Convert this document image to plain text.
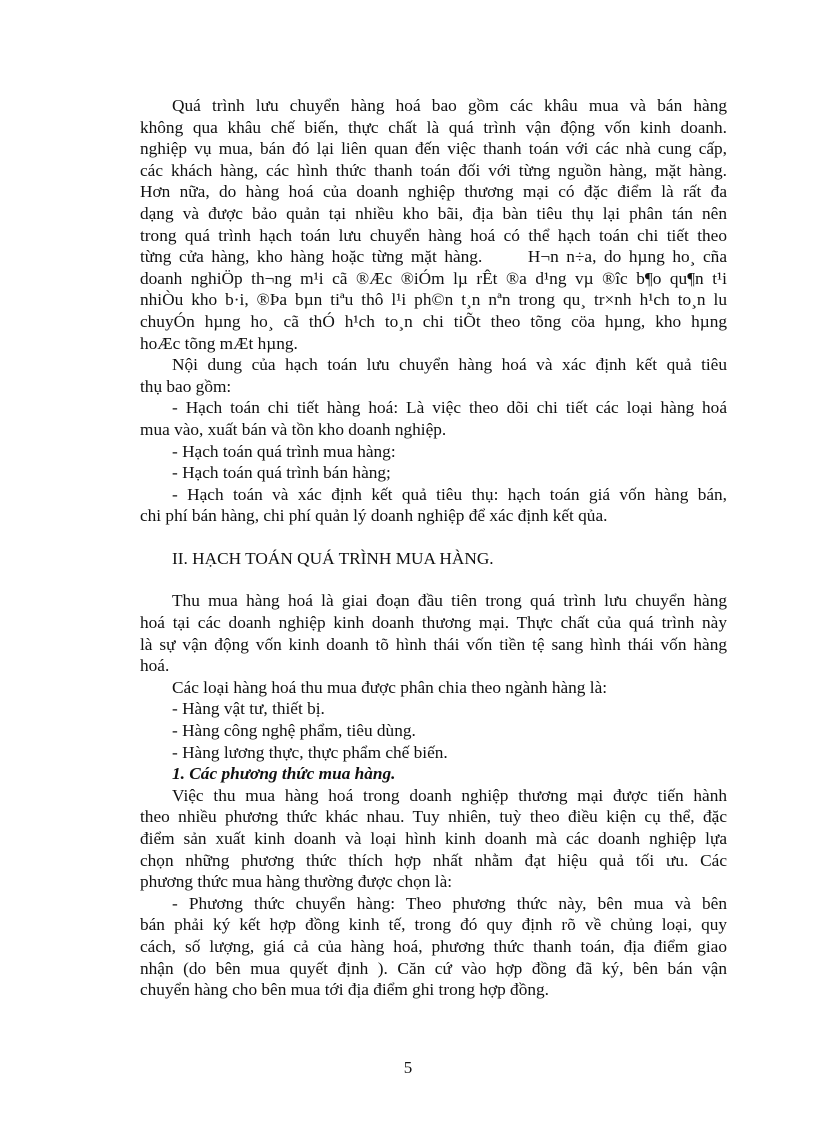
Quá trình lưu chuyển hàng hoá bao gồm các khâu mua và bán hàng

không qua khâu chế biến, thực chất là quá trình vận động vốn kinh doanh.

nghiệp vụ mua, bán đó lại liên quan đến việc thanh toán với các nhà cung cấp,

các khách hàng, các hình thức thanh toán đối với từng nguồn hàng, mặt hàng.

Hơn nữa, do hàng hoá của doanh nghiệp thương mại có đặc điểm là rất đa

dạng và được bảo quản tại nhiều kho bãi, địa bàn tiêu thụ lại phân tán nên

trong quá trình hạch toán lưu chuyển hàng hoá có thể hạch toán chi tiết theo

từng cửa hàng, kho hàng hoặc từng mặt hàng.      H¬n n÷a, do hµng ho¸ cña

doanh nghiÖp th¬ng m¹i cã ®Æc ®iÓm lµ rÊt ®a d¹ng vµ ®îc b¶o qu¶n t¹i

nhiÒu kho b·i, ®Þa bµn tiªu thô l¹i ph©n t¸n nªn trong qu¸ tr×nh h¹ch to¸n lu

chuyÓn hµng ho¸ cã thÓ h¹ch to¸n chi tiÕt theo tõng cöa hµng, kho hµng

hoÆc tõng mÆt hµng.

Nội dung của hạch toán lưu chuyển hàng hoá và xác định kết quả tiêu

thụ bao gồm:

- Hạch toán chi tiết hàng hoá: Là việc theo dõi chi tiết các loại hàng hoá

mua vào, xuất bán và tồn kho doanh nghiệp.

- Hạch toán quá trình mua hàng:

- Hạch toán quá trình bán hàng;

- Hạch toán và xác định kết quả tiêu thụ: hạch toán giá vốn hàng bán,

chi phí bán hàng, chi phí quản lý doanh nghiệp để xác định kết qủa.

II. HẠCH TOÁN QUÁ TRÌNH MUA HÀNG.

Thu mua hàng hoá là giai đoạn đầu tiên trong quá trình lưu chuyển hàng

hoá tại các doanh nghiệp kinh doanh thương mại. Thực chất của quá trình này

là sự vận động vốn kinh doanh tõ hình thái vốn tiền tệ sang hình thái vốn hàng

hoá.

Các loại hàng hoá thu mua được phân chia theo ngành hàng là:

- Hàng vật tư, thiết bị.

- Hàng công nghệ phẩm, tiêu dùng.

- Hàng lương thực, thực phẩm chế biến.

1. Các phương thức mua hàng.

Việc thu mua hàng hoá trong doanh nghiệp thương mại được tiến hành

theo nhiều phương thức khác nhau. Tuy nhiên, tuỳ theo điều kiện cụ thể, đặc

điểm sản xuất kinh doanh và loại hình kinh doanh mà các doanh nghiệp lựa

chọn những phương thức thích hợp nhất nhằm đạt hiệu quả tối ưu. Các

phương thức mua hàng thường được chọn là:

- Phương thức chuyển hàng: Theo phương thức này, bên mua và bên

bán phải ký kết hợp đồng kinh tế, trong đó quy định rõ về chủng loại, quy

cách, số lượng, giá cả của hàng hoá, phương thức thanh toán, địa điểm giao

nhận (do bên mua quyết định ). Căn cứ vào hợp đồng đã ký, bên bán vận

chuyển hàng cho bên mua tới địa điểm ghi trong hợp đồng.

5
